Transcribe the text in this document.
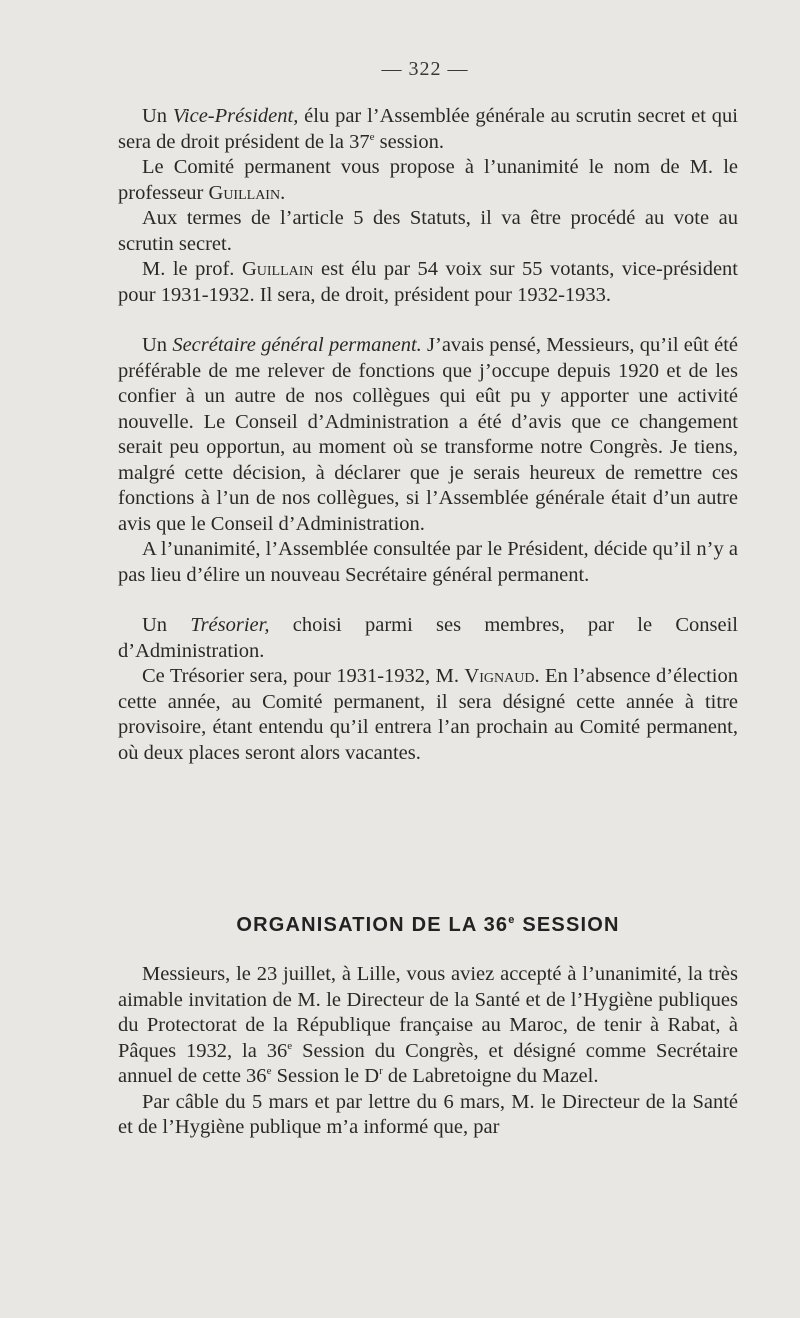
— 322 —

Un Vice-Président, élu par l’Assemblée générale au scrutin secret et qui sera de droit président de la 37e session.

Le Comité permanent vous propose à l’unanimité le nom de M. le professeur Guillain.

Aux termes de l’article 5 des Statuts, il va être procédé au vote au scrutin secret.

M. le prof. Guillain est élu par 54 voix sur 55 votants, vice-président pour 1931-1932. Il sera, de droit, président pour 1932-1933.

Un Secrétaire général permanent. J’avais pensé, Messieurs, qu’il eût été préférable de me relever de fonctions que j’occupe depuis 1920 et de les confier à un autre de nos collègues qui eût pu y apporter une activité nouvelle. Le Conseil d’Administration a été d’avis que ce changement serait peu opportun, au moment où se transforme notre Congrès. Je tiens, malgré cette décision, à déclarer que je serais heureux de remettre ces fonctions à l’un de nos collègues, si l’Assemblée générale était d’un autre avis que le Conseil d’Administration.

A l’unanimité, l’Assemblée consultée par le Président, décide qu’il n’y a pas lieu d’élire un nouveau Secrétaire général permanent.

Un Trésorier, choisi parmi ses membres, par le Conseil d’Administration.

Ce Trésorier sera, pour 1931-1932, M. Vignaud. En l’absence d’élection cette année, au Comité permanent, il sera désigné cette année à titre provisoire, étant entendu qu’il entrera l’an prochain au Comité permanent, où deux places seront alors vacantes.

ORGANISATION DE LA 36e SESSION

Messieurs, le 23 juillet, à Lille, vous aviez accepté à l’unanimité, la très aimable invitation de M. le Directeur de la Santé et de l’Hygiène publiques du Protectorat de la République française au Maroc, de tenir à Rabat, à Pâques 1932, la 36e Session du Congrès, et désigné comme Secrétaire annuel de cette 36e Session le $D^r$ de Labretoigne du Mazel.

Par câble du 5 mars et par lettre du 6 mars, M. le Directeur de la Santé et de l’Hygiène publique m’a informé que, par
